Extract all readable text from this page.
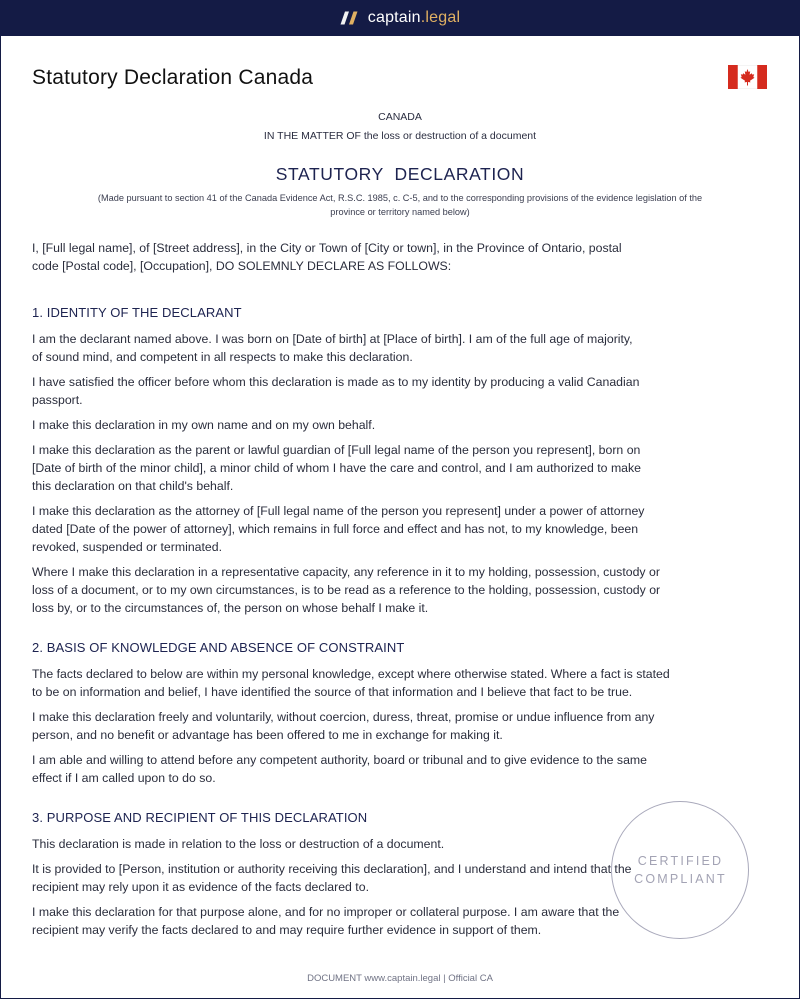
captain.legal
Statutory Declaration Canada
CANADA
IN THE MATTER OF the loss or destruction of a document
STATUTORY  DECLARATION
(Made pursuant to section 41 of the Canada Evidence Act, R.S.C. 1985, c. C-5, and to the corresponding provisions of the evidence legislation of the
province or territory named below)
I, [Full legal name], of [Street address], in the City or Town of [City or town], in the Province of Ontario, postal
code [Postal code], [Occupation], DO SOLEMNLY DECLARE AS FOLLOWS:
1. IDENTITY OF THE DECLARANT
I am the declarant named above. I was born on [Date of birth] at [Place of birth]. I am of the full age of majority,
of sound mind, and competent in all respects to make this declaration.
I have satisfied the officer before whom this declaration is made as to my identity by producing a valid Canadian
passport.
I make this declaration in my own name and on my own behalf.
I make this declaration as the parent or lawful guardian of [Full legal name of the person you represent], born on
[Date of birth of the minor child], a minor child of whom I have the care and control, and I am authorized to make
this declaration on that child's behalf.
I make this declaration as the attorney of [Full legal name of the person you represent] under a power of attorney
dated [Date of the power of attorney], which remains in full force and effect and has not, to my knowledge, been
revoked, suspended or terminated.
Where I make this declaration in a representative capacity, any reference in it to my holding, possession, custody or
loss of a document, or to my own circumstances, is to be read as a reference to the holding, possession, custody or
loss by, or to the circumstances of, the person on whose behalf I make it.
2. BASIS OF KNOWLEDGE AND ABSENCE OF CONSTRAINT
The facts declared to below are within my personal knowledge, except where otherwise stated. Where a fact is stated
to be on information and belief, I have identified the source of that information and I believe that fact to be true.
I make this declaration freely and voluntarily, without coercion, duress, threat, promise or undue influence from any
person, and no benefit or advantage has been offered to me in exchange for making it.
I am able and willing to attend before any competent authority, board or tribunal and to give evidence to the same
effect if I am called upon to do so.
3. PURPOSE AND RECIPIENT OF THIS DECLARATION
This declaration is made in relation to the loss or destruction of a document.
It is provided to [Person, institution or authority receiving this declaration], and I understand and intend that the
recipient may rely upon it as evidence of the facts declared to.
I make this declaration for that purpose alone, and for no improper or collateral purpose. I am aware that the
recipient may verify the facts declared to and may require further evidence in support of them.
CERTIFIED
COMPLIANT
DOCUMENT www.captain.legal | Official CA
